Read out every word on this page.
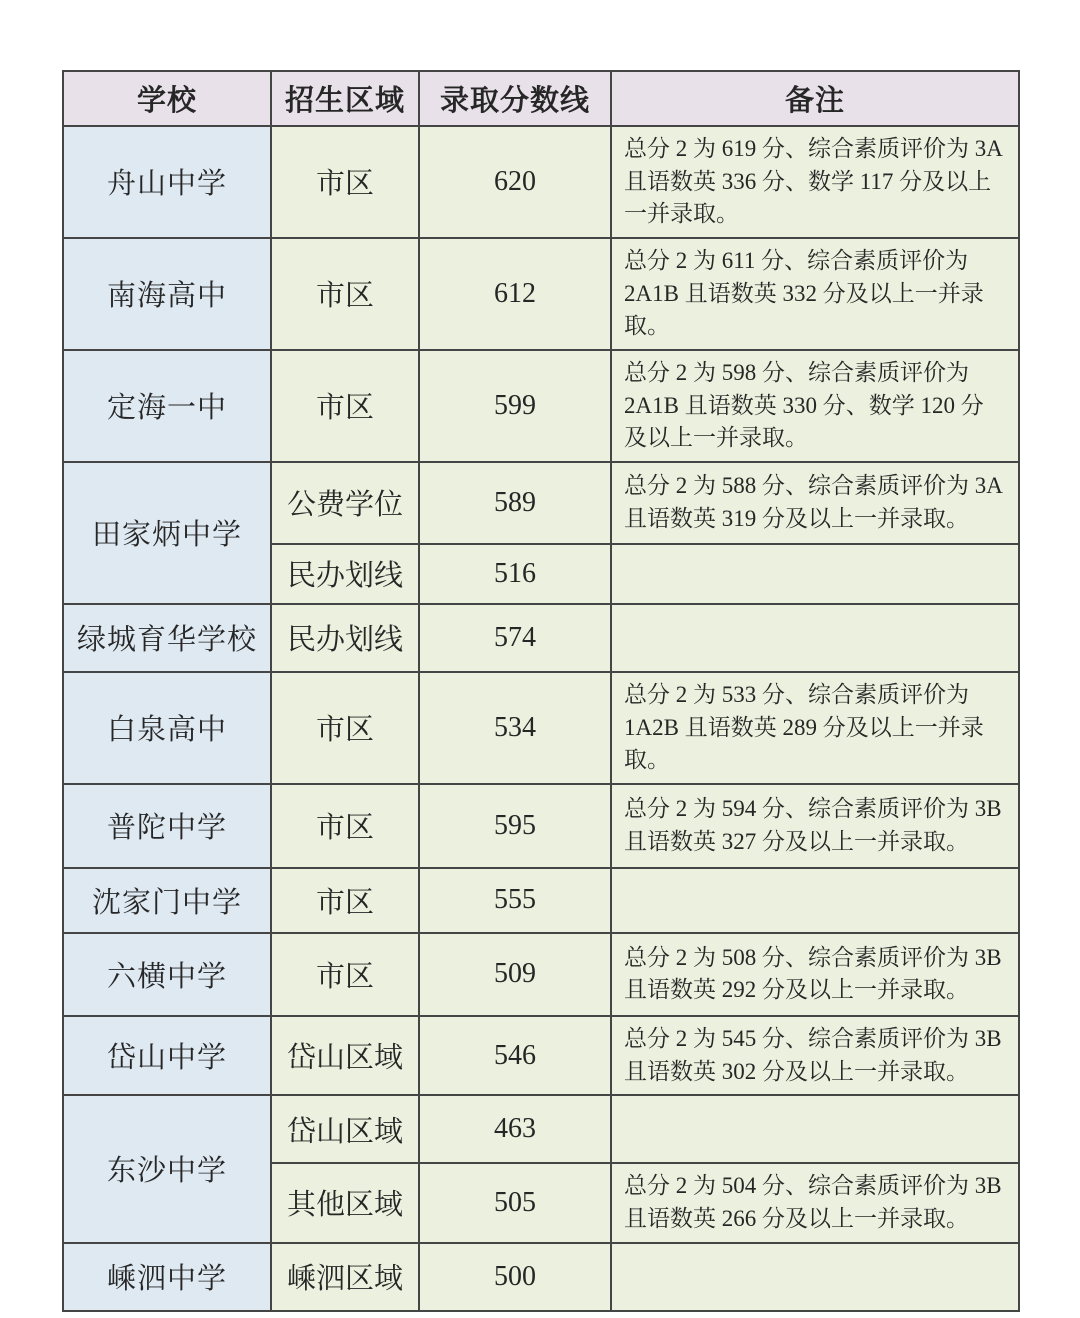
学校	招生区域	录取分数线	备注
舟山中学	市区	620	总分 2 为 619 分、综合素质评价为 3A 且语数英 336 分、数学 117 分及以上一并录取。
南海高中	市区	612	总分 2 为 611 分、综合素质评价为 2A1B 且语数英 332 分及以上一并录取。
定海一中	市区	599	总分 2 为 598 分、综合素质评价为 2A1B 且语数英 330 分、数学 120 分及以上一并录取。
田家炳中学	公费学位	589	总分 2 为 588 分、综合素质评价为 3A 且语数英 319 分及以上一并录取。
	民办划线	516	
绿城育华学校	民办划线	574	
白泉高中	市区	534	总分 2 为 533 分、综合素质评价为 1A2B 且语数英 289 分及以上一并录取。
普陀中学	市区	595	总分 2 为 594 分、综合素质评价为 3B 且语数英 327 分及以上一并录取。
沈家门中学	市区	555	
六横中学	市区	509	总分 2 为 508 分、综合素质评价为 3B 且语数英 292 分及以上一并录取。
岱山中学	岱山区域	546	总分 2 为 545 分、综合素质评价为 3B 且语数英 302 分及以上一并录取。
东沙中学	岱山区域	463	
	其他区域	505	总分 2 为 504 分、综合素质评价为 3B 且语数英 266 分及以上一并录取。
嵊泗中学	嵊泗区域	500	
